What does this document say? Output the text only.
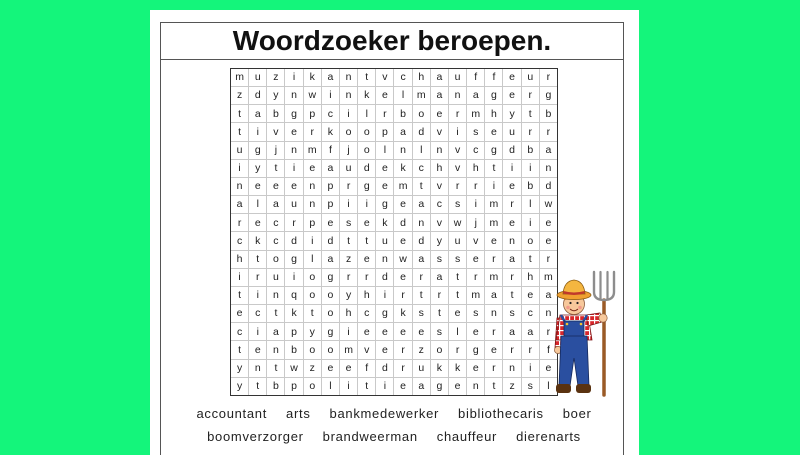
Woordzoeker beroepen.
m	u	z	i	k	a	n	t	v	c	h	a	u	f	f	e	u	r
z	d	y	n	w	i	n	k	e	l	m	a	n	a	g	e	r	g
t	a	b	g	p	c	i	l	r	b	o	e	r	m	h	y	t	b
t	i	v	e	r	k	o	o	p	a	d	v	i	s	e	u	r	r
u	g	j	n	m	f	j	o	l	n	l	n	v	c	g	d	b	a
i	y	t	i	e	a	u	d	e	k	c	h	v	h	t	i	i	n
n	e	e	e	n	p	r	g	e	m	t	v	r	r	i	e	b	d
a	l	a	u	n	p	i	i	g	e	a	c	s	i	m	r	l	w
r	e	c	r	p	e	s	e	k	d	n	v	w	j	m	e	i	e
c	k	c	d	i	d	t	t	u	e	d	y	u	v	e	n	o	e
h	t	o	g	l	a	z	e	n	w	a	s	s	e	r	a	t	r
i	r	u	i	o	g	r	r	d	e	r	a	t	r	m	r	h	m
t	i	n	q	o	o	y	h	i	r	t	r	t	m	a	t	e	a
e	c	t	k	t	o	h	c	g	k	s	t	e	s	n	s	c	n
c	i	a	p	y	g	i	e	e	e	e	s	l	e	r	a	a	r
t	e	n	b	o	o	m	v	e	r	z	o	r	g	e	r	r	f
y	n	t	w	z	e	e	f	d	r	u	k	k	e	r	n	i	e
y	t	b	p	o	l	i	t	i	e	a	g	e	n	t	z	s	l
accountant arts bankmedewerker bibliothecaris boer
boomverzorger brandweerman chauffeur dierenarts
